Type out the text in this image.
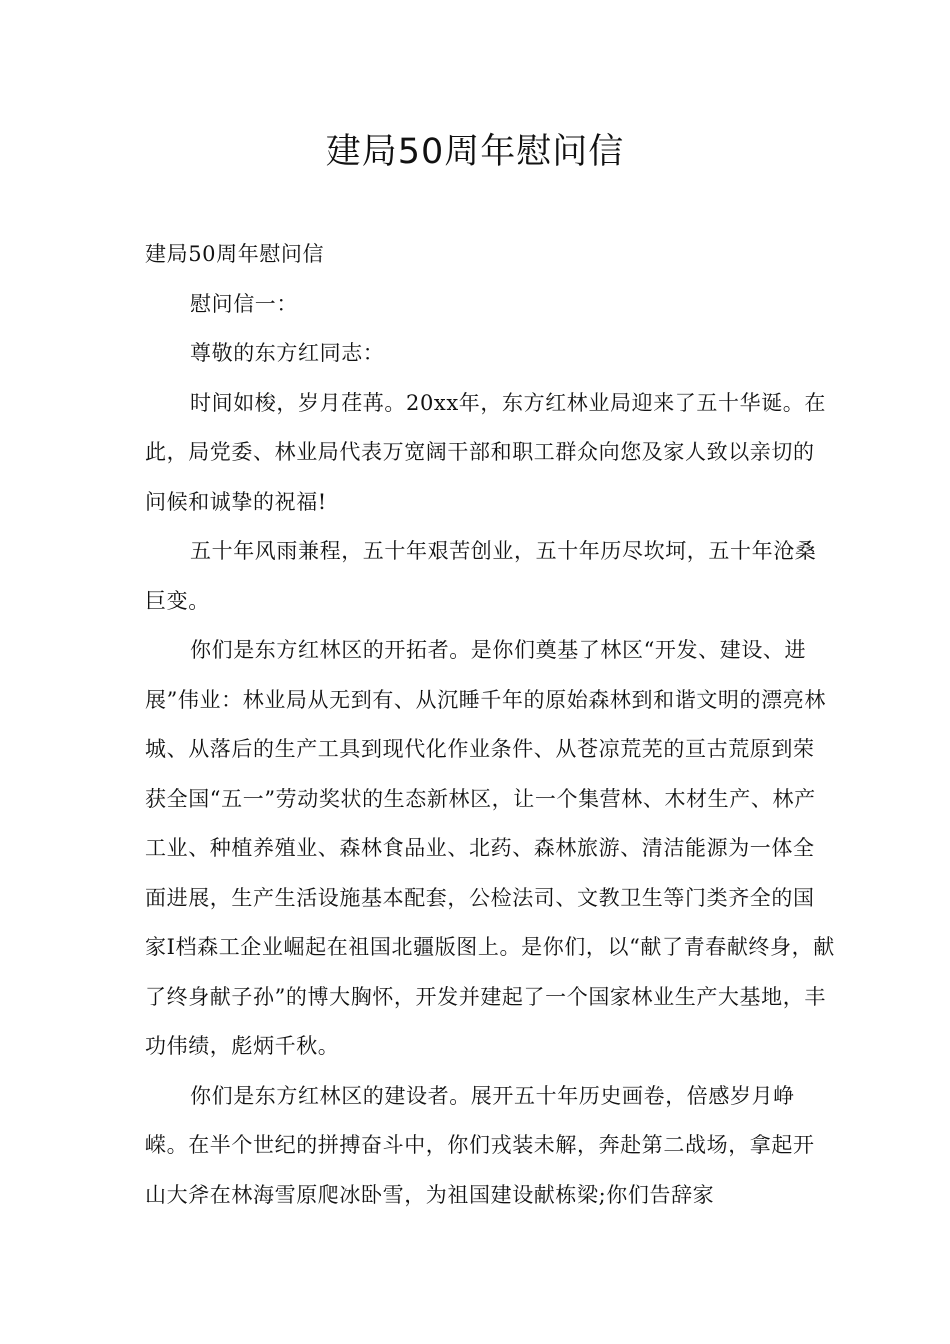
建局50周年慰问信

建局50周年慰问信

慰问信一：

尊敬的东方红同志：

时间如梭，岁月荏苒。20xx年，东方红林业局迎来了五十华诞。在此，局党委、林业局代表万宽阔干部和职工群众向您及家人致以亲切的问候和诚挚的祝福!

五十年风雨兼程，五十年艰苦创业，五十年历尽坎坷，五十年沧桑巨变。

你们是东方红林区的开拓者。是你们奠基了林区“开发、建设、进展”伟业：林业局从无到有、从沉睡千年的原始森林到和谐文明的漂亮林城、从落后的生产工具到现代化作业条件、从苍凉荒芜的亘古荒原到荣获全国“五一”劳动奖状的生态新林区，让一个集营林、木材生产、林产工业、种植养殖业、森林食品业、北药、森林旅游、清洁能源为一体全面进展，生产生活设施基本配套，公检法司、文教卫生等门类齐全的国家Ⅰ档森工企业崛起在祖国北疆版图上。是你们，以“献了青春献终身，献了终身献子孙”的博大胸怀，开发并建起了一个国家林业生产大基地，丰功伟绩，彪炳千秋。

你们是东方红林区的建设者。展开五十年历史画卷，倍感岁月峥嵘。在半个世纪的拼搏奋斗中，你们戎装未解，奔赴第二战场，拿起开山大斧在林海雪原爬冰卧雪，为祖国建设献栋梁;你们告辞家
